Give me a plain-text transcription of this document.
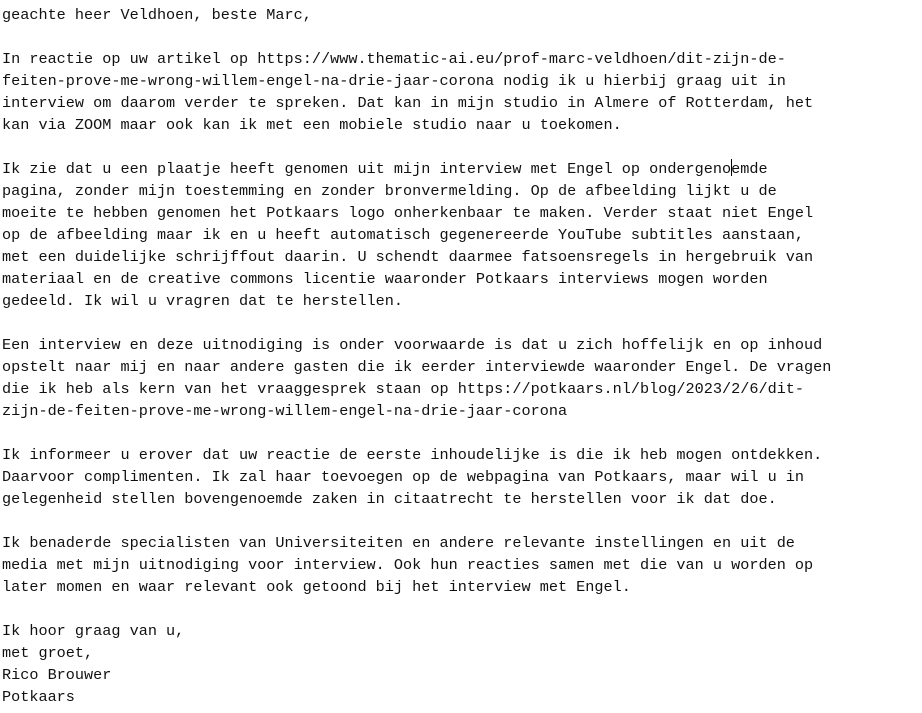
geachte heer Veldhoen, beste Marc,
In reactie op uw artikel op https://www.thematic-ai.eu/prof-marc-veldhoen/dit-zijn-de-
feiten-prove-me-wrong-willem-engel-na-drie-jaar-corona nodig ik u hierbij graag uit in
interview om daarom verder te spreken. Dat kan in mijn studio in Almere of Rotterdam, het
kan via ZOOM maar ook kan ik met een mobiele studio naar u toekomen.
Ik zie dat u een plaatje heeft genomen uit mijn interview met Engel op ondergenoemde
pagina, zonder mijn toestemming en zonder bronvermelding. Op de afbeelding lijkt u de
moeite te hebben genomen het Potkaars logo onherkenbaar te maken. Verder staat niet Engel
op de afbeelding maar ik en u heeft automatisch gegenereerde YouTube subtitles aanstaan,
met een duidelijke schrijffout daarin. U schendt daarmee fatsoensregels in hergebruik van
materiaal en de creative commons licentie waaronder Potkaars interviews mogen worden
gedeeld. Ik wil u vragren dat te herstellen.
Een interview en deze uitnodiging is onder voorwaarde is dat u zich hoffelijk en op inhoud
opstelt naar mij en naar andere gasten die ik eerder interviewde waaronder Engel. De vragen
die ik heb als kern van het vraaggesprek staan op https://potkaars.nl/blog/2023/2/6/dit-
zijn-de-feiten-prove-me-wrong-willem-engel-na-drie-jaar-corona
Ik informeer u erover dat uw reactie de eerste inhoudelijke is die ik heb mogen ontdekken.
Daarvoor complimenten. Ik zal haar toevoegen op de webpagina van Potkaars, maar wil u in
gelegenheid stellen bovengenoemde zaken in citaatrecht te herstellen voor ik dat doe.
Ik benaderde specialisten van Universiteiten en andere relevante instellingen en uit de
media met mijn uitnodiging voor interview. Ook hun reacties samen met die van u worden op
later momen en waar relevant ook getoond bij het interview met Engel.
Ik hoor graag van u,
met groet,
Rico Brouwer
Potkaars
